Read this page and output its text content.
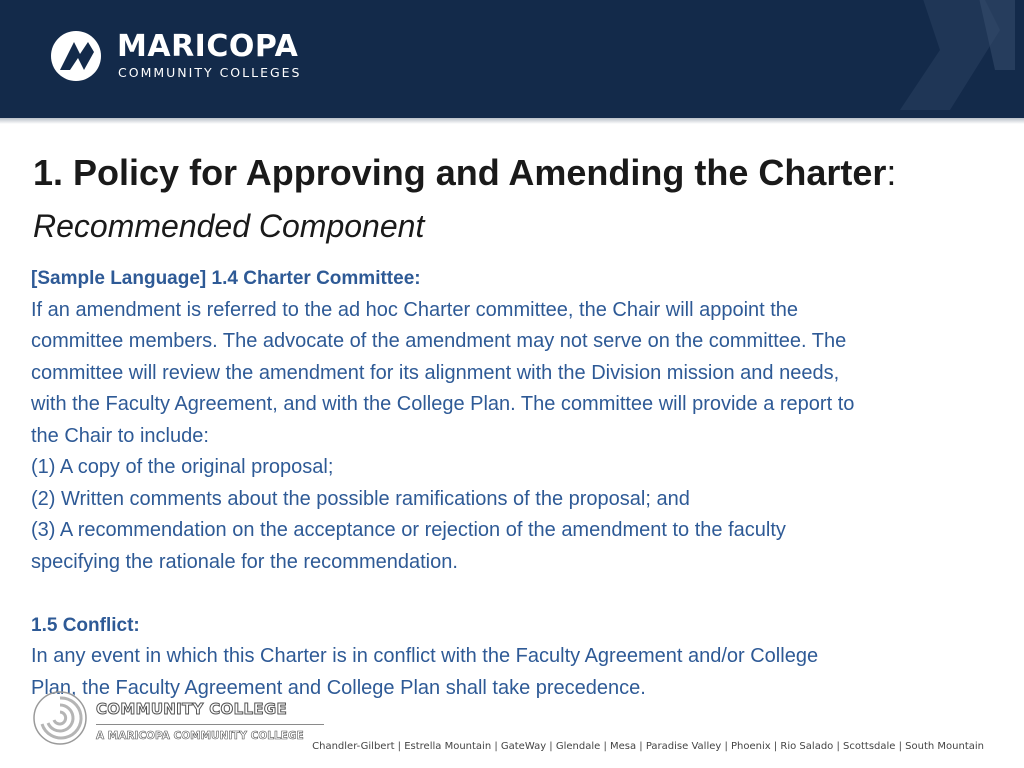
MARICOPA
COMMUNITY COLLEGES
1. Policy for Approving and Amending the Charter:
Recommended Component

[Sample Language] 1.4 Charter Committee:

If an amendment is referred to the ad hoc Charter committee, the Chair will appoint the

committee members. The advocate of the amendment may not serve on the committee. The

committee will review the amendment for its alignment with the Division mission and needs,

with the Faculty Agreement, and with the College Plan. The committee will provide a report to

the Chair to include:

(1) A copy of the original proposal;

(2) Written comments about the possible ramifications of the proposal; and

(3) A recommendation on the acceptance or rejection of the amendment to the faculty

specifying the rationale for the recommendation.

1.5 Conflict:

In any event in which this Charter is in conflict with the Faculty Agreement and/or College

Plan, the Faculty Agreement and College Plan shall take precedence.

COMMUNITY COLLEGE
A MARICOPA COMMUNITY COLLEGE
Chandler-Gilbert | Estrella Mountain | GateWay | Glendale | Mesa | Paradise Valley | Phoenix | Rio Salado | Scottsdale | South Mountain
